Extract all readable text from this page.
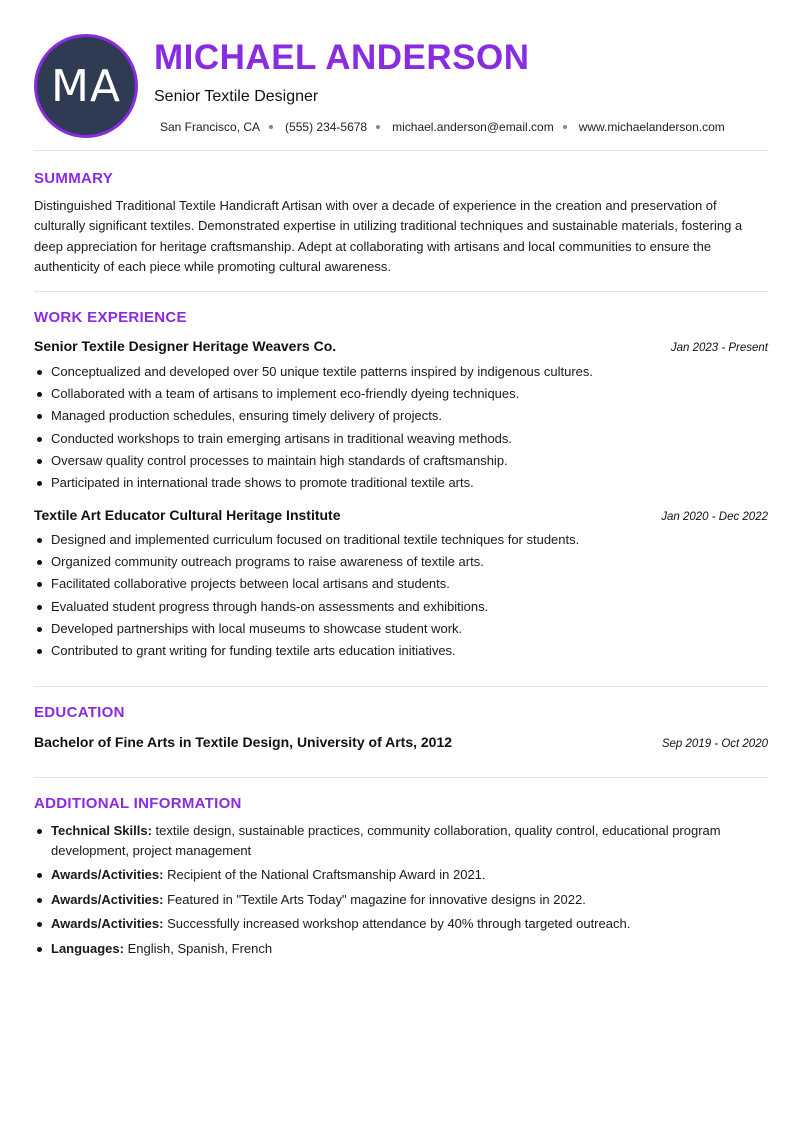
MA
MICHAEL ANDERSON
Senior Textile Designer
San Francisco, CA (555) 234-5678 michael.anderson@email.com www.michaelanderson.com
SUMMARY

Distinguished Traditional Textile Handicraft Artisan with over a decade of experience in the creation and preservation of culturally significant textiles. Demonstrated expertise in utilizing traditional techniques and sustainable materials, fostering a deep appreciation for heritage craftsmanship. Adept at collaborating with artisans and local communities to ensure the authenticity of each piece while promoting cultural awareness.

WORK EXPERIENCE
Senior Textile Designer Heritage Weavers Co.	Jan 2023 - Present
Conceptualized and developed over 50 unique textile patterns inspired by indigenous cultures.
Collaborated with a team of artisans to implement eco-friendly dyeing techniques.
Managed production schedules, ensuring timely delivery of projects.
Conducted workshops to train emerging artisans in traditional weaving methods.
Oversaw quality control processes to maintain high standards of craftsmanship.
Participated in international trade shows to promote traditional textile arts.
Textile Art Educator Cultural Heritage Institute	Jan 2020 - Dec 2022
Designed and implemented curriculum focused on traditional textile techniques for students.
Organized community outreach programs to raise awareness of textile arts.
Facilitated collaborative projects between local artisans and students.
Evaluated student progress through hands-on assessments and exhibitions.
Developed partnerships with local museums to showcase student work.
Contributed to grant writing for funding textile arts education initiatives.
EDUCATION
Bachelor of Fine Arts in Textile Design, University of Arts, 2012	Sep 2019 - Oct 2020
ADDITIONAL INFORMATION
Technical Skills: textile design, sustainable practices, community collaboration, quality control, educational program development, project management
Awards/Activities: Recipient of the National Craftsmanship Award in 2021.
Awards/Activities: Featured in "Textile Arts Today" magazine for innovative designs in 2022.
Awards/Activities: Successfully increased workshop attendance by 40% through targeted outreach.
Languages: English, Spanish, French
